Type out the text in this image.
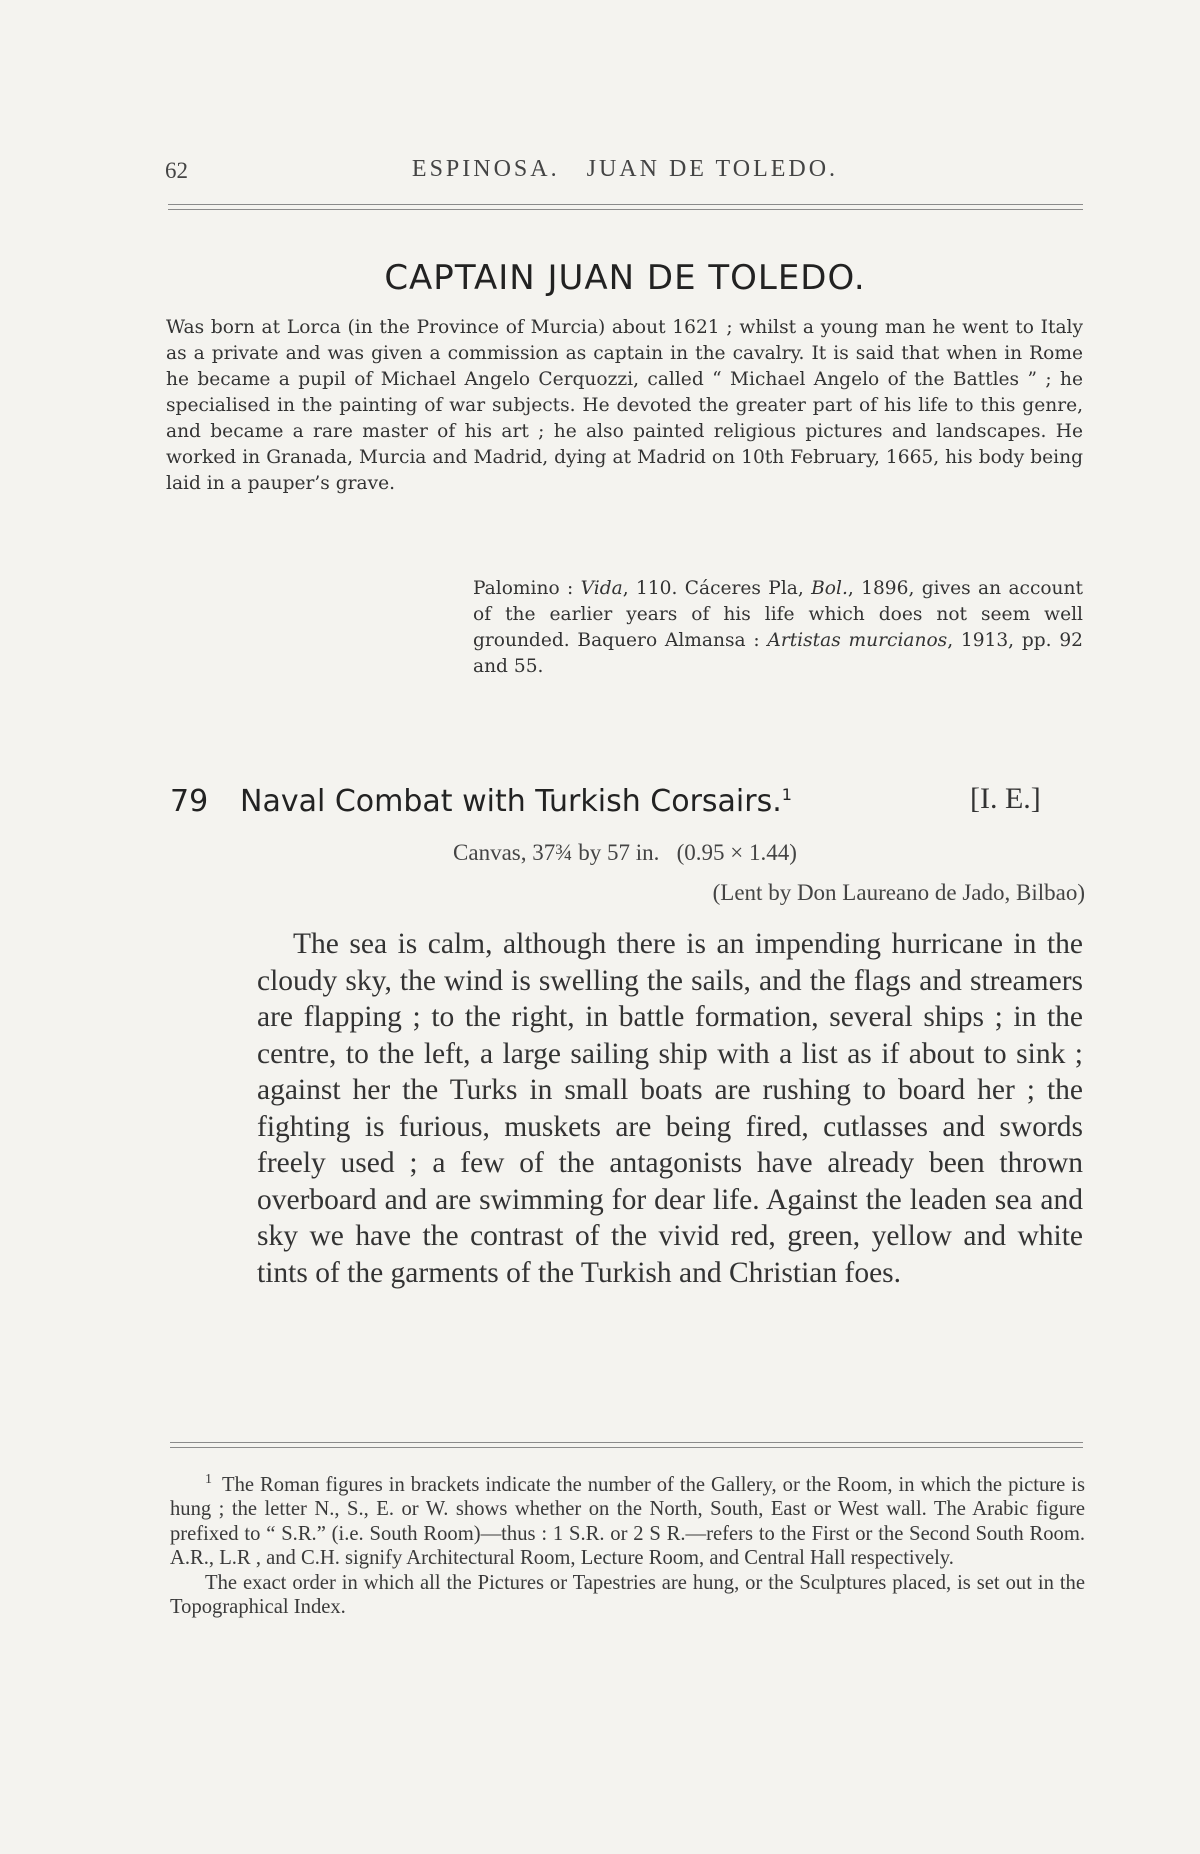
62	ESPINOSA.   JUAN DE TOLEDO.
CAPTAIN JUAN DE TOLEDO.

Was born at Lorca (in the Province of Murcia) about 1621 ; whilst a young man he went to Italy as a private and was given a commission as captain in the cavalry. It is said that when in Rome he became a pupil of Michael Angelo Cerquozzi, called “ Michael Angelo of the Battles ” ; he specialised in the painting of war subjects. He devoted the greater part of his life to this genre, and became a rare master of his art ; he also painted religious pictures and landscapes. He worked in Granada, Murcia and Madrid, dying at Madrid on 10th February, 1665, his body being laid in a pauper’s grave.

Palomino : Vida, 110. Cáceres Pla, Bol., 1896, gives an account of the earlier years of his life which does not seem well grounded. Baquero Almansa : Artistas murcianos, 1913, pp. 92 and 55.

79 Naval Combat with Turkish Corsairs.$^1$	[I. E.]
Canvas, 37¾ by 57 in.   (0.95 × 1.44)
(Lent by Don Laureano de Jado, Bilbao)

The sea is calm, although there is an impending hurricane in the cloudy sky, the wind is swelling the sails, and the flags and streamers are flapping ; to the right, in battle formation, several ships ; in the centre, to the left, a large sailing ship with a list as if about to sink ; against her the Turks in small boats are rushing to board her ; the fighting is furious, muskets are being fired, cutlasses and swords freely used ; a few of the antagonists have already been thrown overboard and are swimming for dear life. Against the leaden sea and sky we have the contrast of the vivid red, green, yellow and white tints of the garments of the Turkish and Christian foes.

$^1$ The Roman figures in brackets indicate the number of the Gallery, or the Room, in which the picture is hung ; the letter N., S., E. or W. shows whether on the North, South, East or West wall. The Arabic figure prefixed to “ S.R.” (i.e. South Room)—thus : 1 S.R. or 2 S R.—refers to the First or the Second South Room. A.R., L.R , and C.H. signify Architectural Room, Lecture Room, and Central Hall respectively.

The exact order in which all the Pictures or Tapestries are hung, or the Sculptures placed, is set out in the Topographical Index.
